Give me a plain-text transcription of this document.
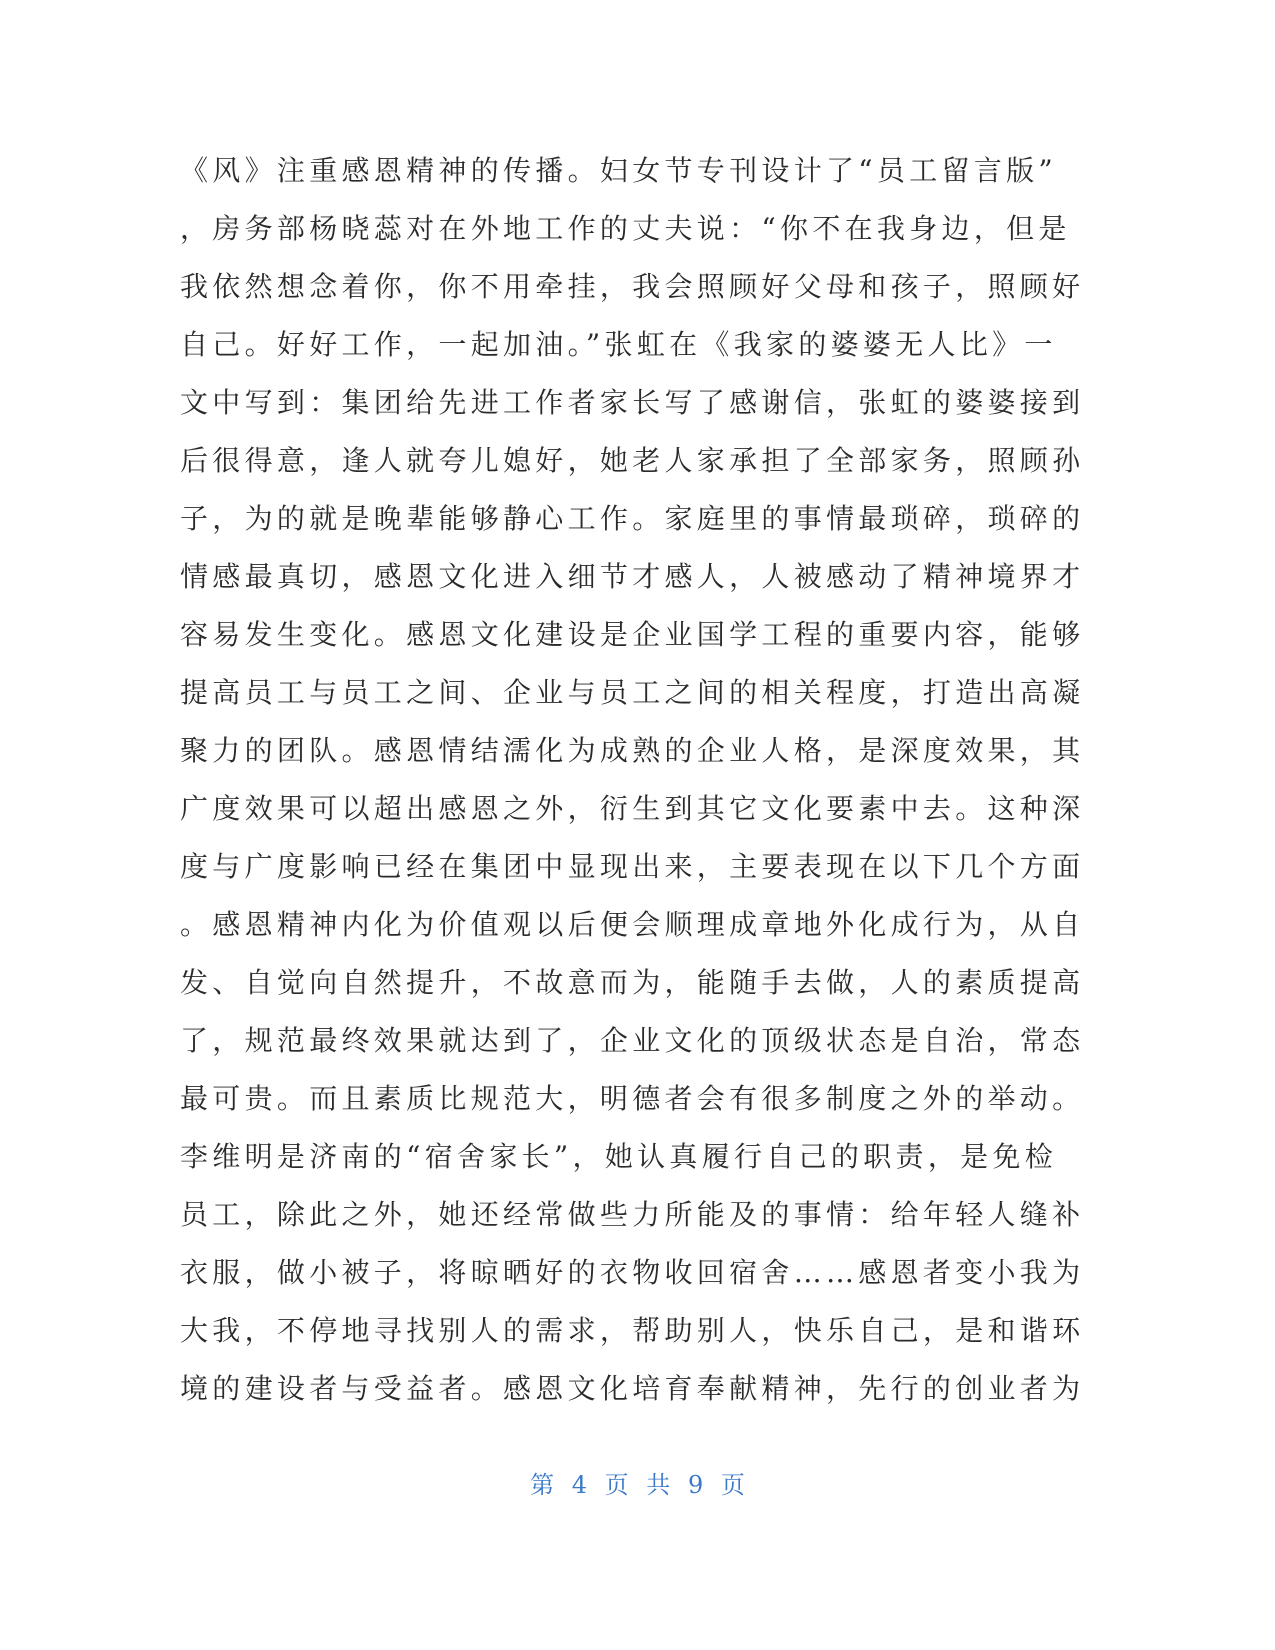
《风》注重感恩精神的传播。妇女节专刊设计了“员工留言版”
，房务部杨晓蕊对在外地工作的丈夫说：“你不在我身边，但是
我依然想念着你，你不用牵挂，我会照顾好父母和孩子，照顾好
自己。好好工作，一起加油。”张虹在《我家的婆婆无人比》一
文中写到：集团给先进工作者家长写了感谢信，张虹的婆婆接到
后很得意，逢人就夸儿媳好，她老人家承担了全部家务，照顾孙
子，为的就是晚辈能够静心工作。家庭里的事情最琐碎，琐碎的
情感最真切，感恩文化进入细节才感人，人被感动了精神境界才
容易发生变化。感恩文化建设是企业国学工程的重要内容，能够
提高员工与员工之间、企业与员工之间的相关程度，打造出高凝
聚力的团队。感恩情结濡化为成熟的企业人格，是深度效果，其
广度效果可以超出感恩之外，衍生到其它文化要素中去。这种深
度与广度影响已经在集团中显现出来，主要表现在以下几个方面
。感恩精神内化为价值观以后便会顺理成章地外化成行为，从自
发、自觉向自然提升，不故意而为，能随手去做，人的素质提高
了，规范最终效果就达到了，企业文化的顶级状态是自治，常态
最可贵。而且素质比规范大，明德者会有很多制度之外的举动。
李维明是济南的“宿舍家长”，她认真履行自己的职责，是免检
员工，除此之外，她还经常做些力所能及的事情：给年轻人缝补
衣服，做小被子，将晾晒好的衣物收回宿舍……感恩者变小我为
大我，不停地寻找别人的需求，帮助别人，快乐自己，是和谐环
境的建设者与受益者。感恩文化培育奉献精神，先行的创业者为
第 4 页 共 9 页
